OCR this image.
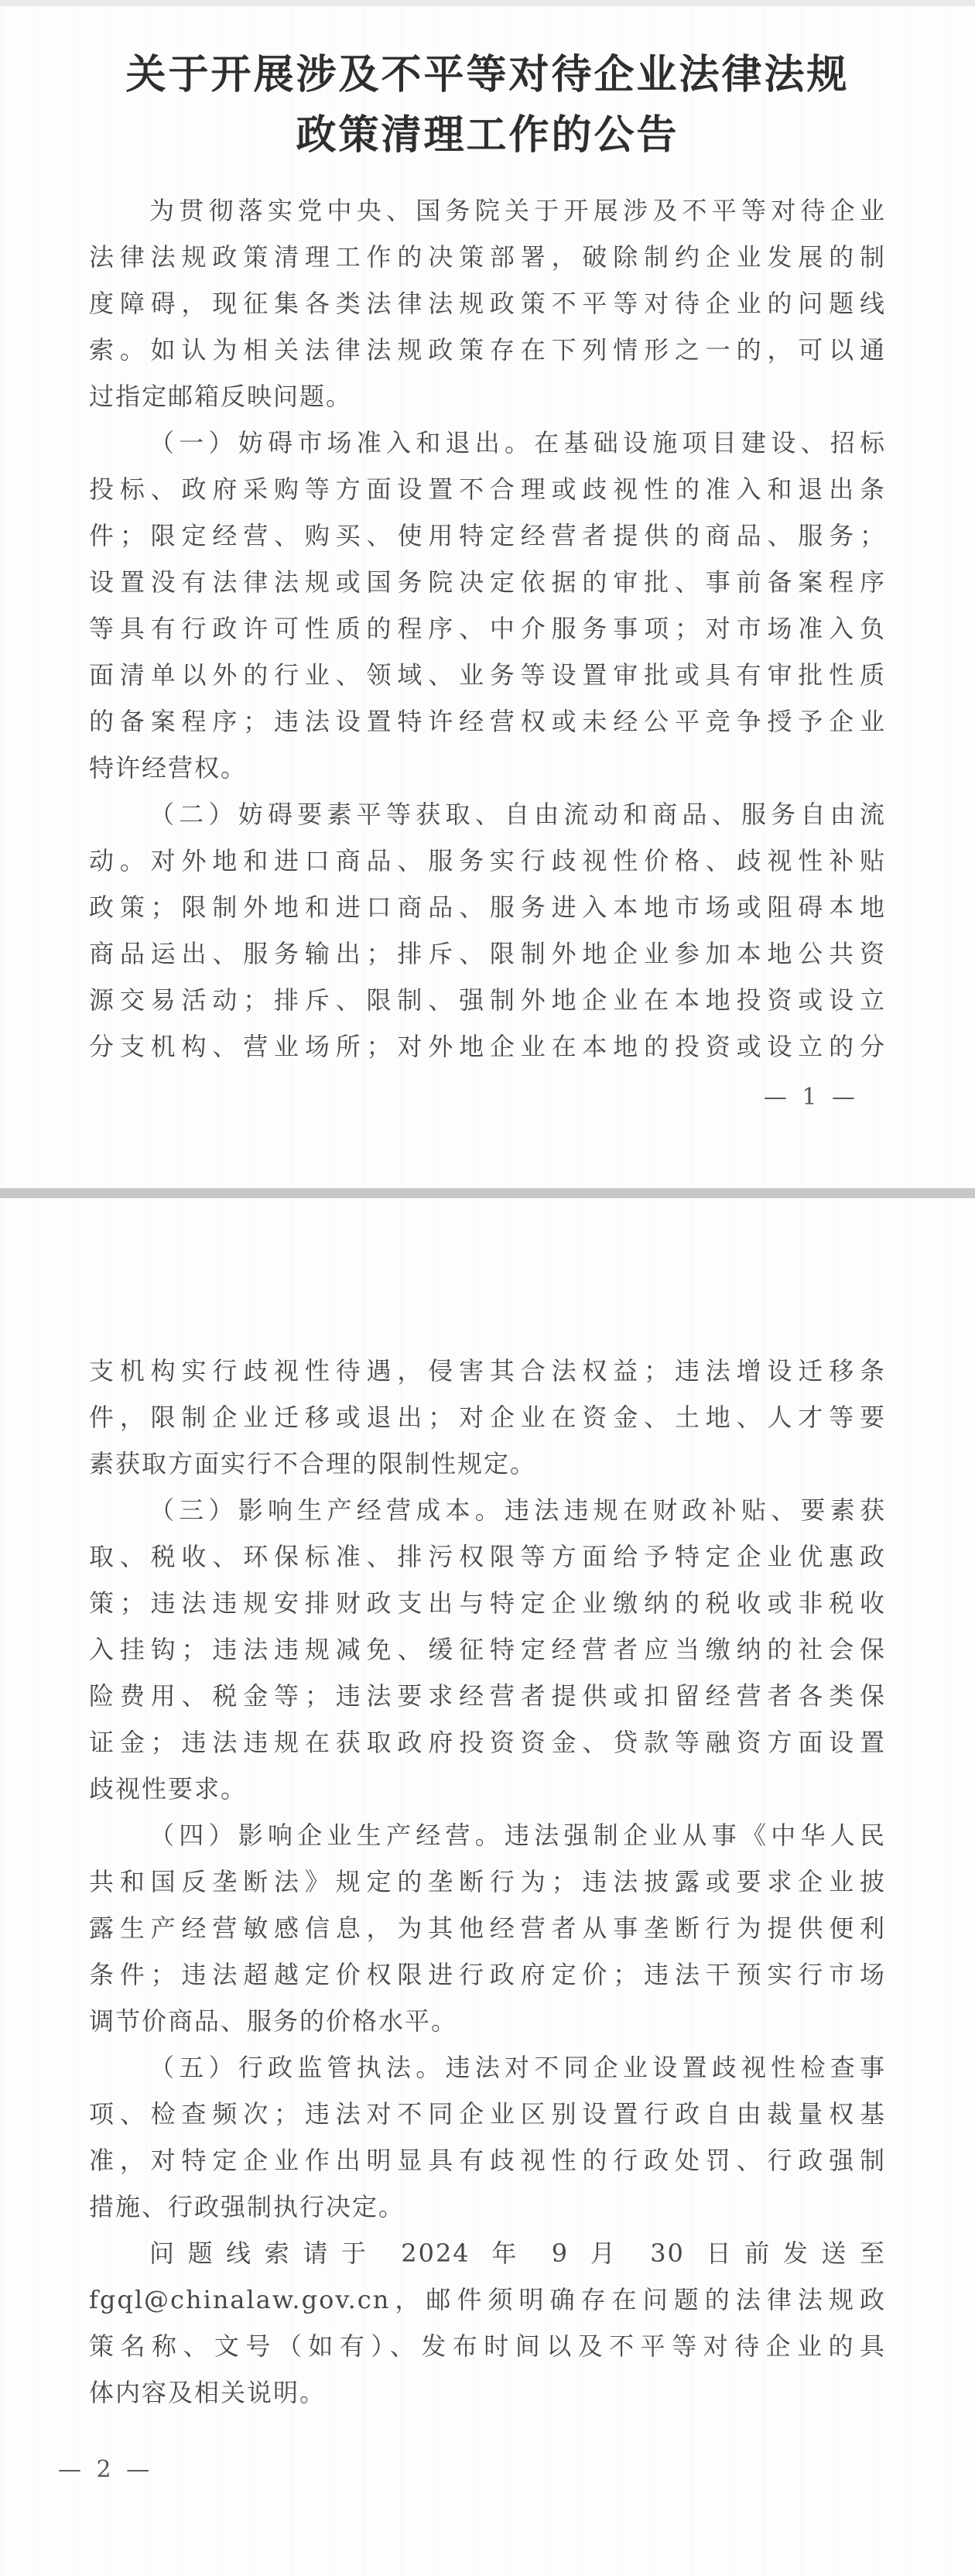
关于开展涉及不平等对待企业法律法规
政策清理工作的公告
为贯彻落实党中央、国务院关于开展涉及不平等对待企业
法律法规政策清理工作的决策部署，破除制约企业发展的制
度障碍，现征集各类法律法规政策不平等对待企业的问题线
索。如认为相关法律法规政策存在下列情形之一的，可以通
过指定邮箱反映问题。
（一）妨碍市场准入和退出。在基础设施项目建设、招标
投标、政府采购等方面设置不合理或歧视性的准入和退出条
件；限定经营、购买、使用特定经营者提供的商品、服务；
设置没有法律法规或国务院决定依据的审批、事前备案程序
等具有行政许可性质的程序、中介服务事项；对市场准入负
面清单以外的行业、领域、业务等设置审批或具有审批性质
的备案程序；违法设置特许经营权或未经公平竞争授予企业
特许经营权。
（二）妨碍要素平等获取、自由流动和商品、服务自由流
动。对外地和进口商品、服务实行歧视性价格、歧视性补贴
政策；限制外地和进口商品、服务进入本地市场或阻碍本地
商品运出、服务输出；排斥、限制外地企业参加本地公共资
源交易活动；排斥、限制、强制外地企业在本地投资或设立
分支机构、营业场所；对外地企业在本地的投资或设立的分
— 1 —
支机构实行歧视性待遇，侵害其合法权益；违法增设迁移条
件，限制企业迁移或退出；对企业在资金、土地、人才等要
素获取方面实行不合理的限制性规定。
（三）影响生产经营成本。违法违规在财政补贴、要素获
取、税收、环保标准、排污权限等方面给予特定企业优惠政
策；违法违规安排财政支出与特定企业缴纳的税收或非税收
入挂钩；违法违规减免、缓征特定经营者应当缴纳的社会保
险费用、税金等；违法要求经营者提供或扣留经营者各类保
证金；违法违规在获取政府投资资金、贷款等融资方面设置
歧视性要求。
（四）影响企业生产经营。违法强制企业从事《中华人民
共和国反垄断法》规定的垄断行为；违法披露或要求企业披
露生产经营敏感信息，为其他经营者从事垄断行为提供便利
条件；违法超越定价权限进行政府定价；违法干预实行市场
调节价商品、服务的价格水平。
（五）行政监管执法。违法对不同企业设置歧视性检查事
项、检查频次；违法对不同企业区别设置行政自由裁量权基
准，对特定企业作出明显具有歧视性的行政处罚、行政强制
措施、行政强制执行决定。
问题线索请于 2024 年 9 月 30 日前发送至
fgql@chinalaw.gov.cn，邮件须明确存在问题的法律法规政
策名称、文号（如有）、发布时间以及不平等对待企业的具
体内容及相关说明。
— 2 —
